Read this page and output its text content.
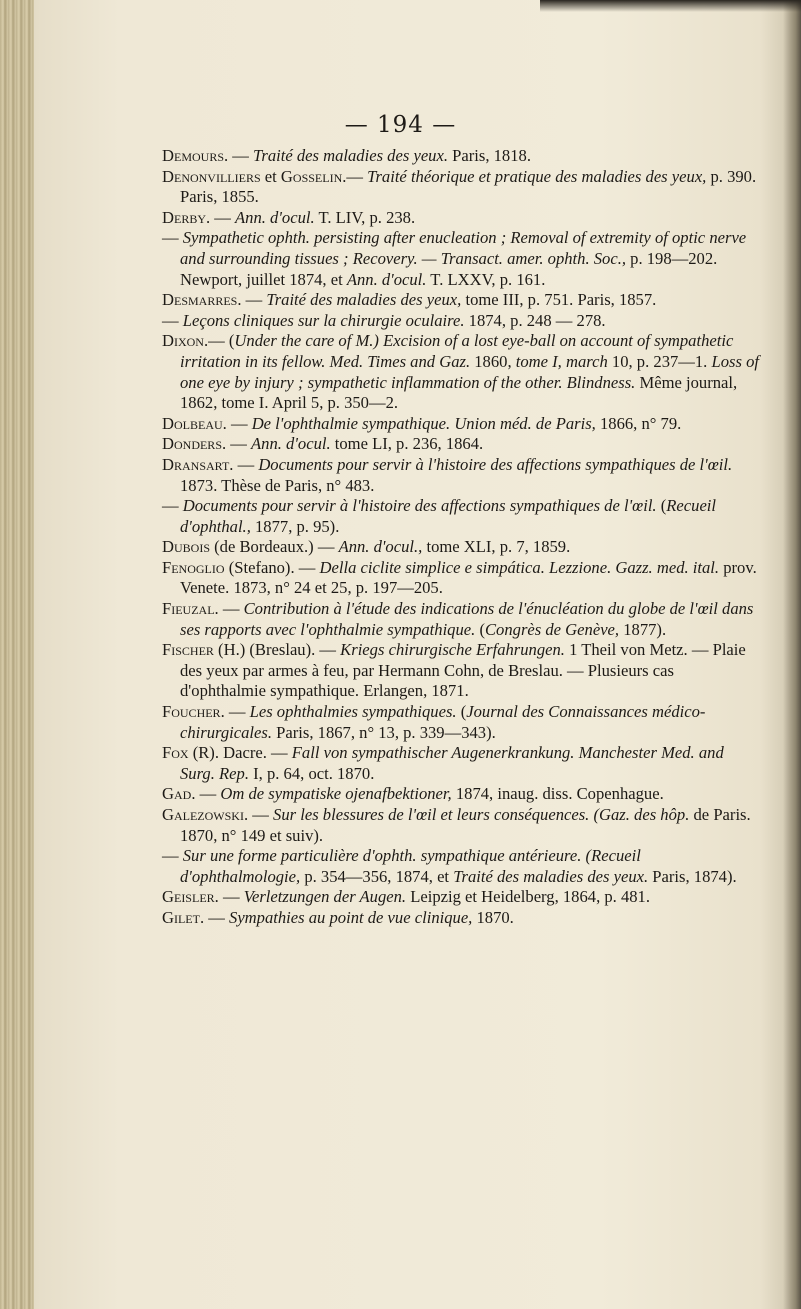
— 194 —

Demours. — Traité des maladies des yeux. Paris, 1818.

Denonvilliers et Gosselin.— Traité théorique et pratique des maladies des yeux, p. 390. Paris, 1855.

Derby. — Ann. d'ocul. T. LIV, p. 238.

— Sympathetic ophth. persisting after enucleation ; Removal of extremity of optic nerve and surrounding tissues ; Recovery. — Transact. amer. ophth. Soc., p. 198—202. Newport, juillet 1874, et Ann. d'ocul. T. LXXV, p. 161.

Desmarres. — Traité des maladies des yeux, tome III, p. 751. Paris, 1857.

— Leçons cliniques sur la chirurgie oculaire. 1874, p. 248 — 278.

Dixon.— (Under the care of M.) Excision of a lost eye-ball on account of sympathetic irritation in its fellow. Med. Times and Gaz. 1860, tome I, march 10, p. 237—1. Loss of one eye by injury ; sympathetic inflammation of the other. Blindness. Même journal, 1862, tome I. April 5, p. 350—2.

Dolbeau. — De l'ophthalmie sympathique. Union méd. de Paris, 1866, n° 79.

Donders. — Ann. d'ocul. tome LI, p. 236, 1864.

Dransart. — Documents pour servir à l'histoire des affections sympathiques de l'œil. 1873. Thèse de Paris, n° 483.

— Documents pour servir à l'histoire des affections sympathiques de l'œil. (Recueil d'ophthal., 1877, p. 95).

Dubois (de Bordeaux.) — Ann. d'ocul., tome XLI, p. 7, 1859.

Fenoglio (Stefano). — Della ciclite simplice e simpática. Lezzione. Gazz. med. ital. prov. Venete. 1873, n° 24 et 25, p. 197—205.

Fieuzal. — Contribution à l'étude des indications de l'énucléation du globe de l'œil dans ses rapports avec l'ophthalmie sympathique. (Congrès de Genève, 1877).

Fischer (H.) (Breslau). — Kriegs chirurgische Erfahrungen. 1 Theil von Metz. — Plaie des yeux par armes à feu, par Hermann Cohn, de Breslau. — Plusieurs cas d'ophthalmie sympathique. Erlangen, 1871.

Foucher. — Les ophthalmies sympathiques. (Journal des Connaissances médico-chirurgicales. Paris, 1867, n° 13, p. 339—343).

Fox (R). Dacre. — Fall von sympathischer Augenerkrankung. Manchester Med. and Surg. Rep. I, p. 64, oct. 1870.

Gad. — Om de sympatiske ojenafbektioner, 1874, inaug. diss. Copenhague.

Galezowski. — Sur les blessures de l'œil et leurs conséquences. (Gaz. des hôp. de Paris. 1870, n° 149 et suiv).

— Sur une forme particulière d'ophth. sympathique antérieure. (Recueil d'ophthalmologie, p. 354—356, 1874, et Traité des maladies des yeux. Paris, 1874).

Geisler. — Verletzungen der Augen. Leipzig et Heidelberg, 1864, p. 481.

Gilet. — Sympathies au point de vue clinique, 1870.
